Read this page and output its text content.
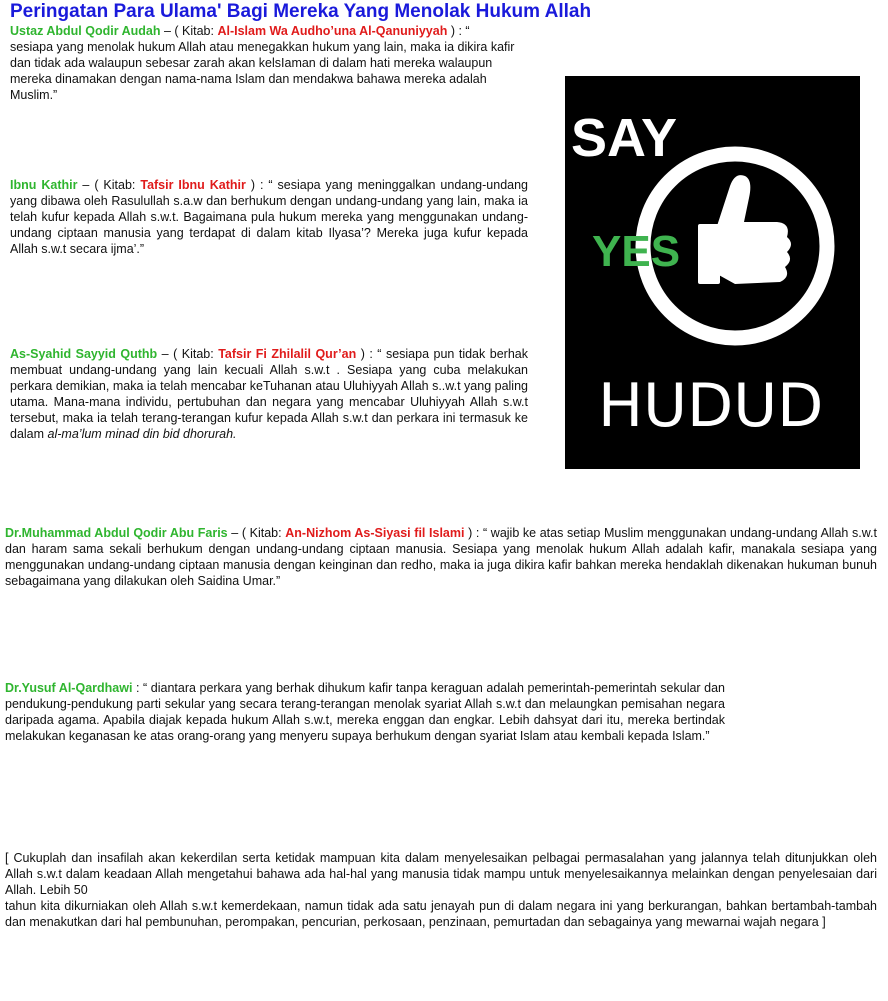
Peringatan Para Ulama' Bagi Mereka Yang Menolak Hukum Allah

Ustaz Abdul Qodir Audah – ( Kitab: Al-Islam Wa Audho’una Al-Qanuniyyah ) : “
sesiapa yang menolak hukum Allah atau menegakkan hukum yang lain, maka ia dikira kafir dan tidak ada walaupun sebesar zarah akan kelsIaman di dalam hati mereka walaupun mereka dinamakan dengan nama-nama Islam dan mendakwa bahawa mereka adalah Muslim.”

Ibnu Kathir – ( Kitab: Tafsir Ibnu Kathir ) : “ sesiapa yang meninggalkan undang-undang yang dibawa oleh Rasulullah s.a.w dan berhukum dengan undang-undang yang lain, maka ia telah kufur kepada Allah s.w.t. Bagaimana pula hukum mereka yang menggunakan undang-undang ciptaan manusia yang terdapat di dalam kitab Ilyasa’? Mereka juga kufur kepada Allah s.w.t secara ijma’.”

As-Syahid Sayyid Quthb – ( Kitab: Tafsir Fi Zhilalil Qur’an ) : “ sesiapa pun tidak berhak membuat undang-undang yang lain kecuali Allah s.w.t . Sesiapa yang cuba melakukan perkara demikian, maka ia telah mencabar keTuhanan atau Uluhiyyah Allah s..w.t yang paling utama. Mana-mana individu, pertubuhan dan negara yang mencabar Uluhiyyah Allah s.w.t tersebut, maka ia telah terang-terangan kufur kepada Allah s.w.t dan perkara ini termasuk ke dalam al-ma’lum minad din bid dhorurah.

Dr.Muhammad Abdul Qodir Abu Faris – ( Kitab: An-Nizhom As-Siyasi fil Islami ) : “ wajib ke atas setiap Muslim menggunakan undang-undang Allah s.w.t dan haram sama sekali berhukum dengan undang-undang ciptaan manusia. Sesiapa yang menolak hukum Allah adalah kafir, manakala sesiapa yang menggunakan undang-undang ciptaan manusia dengan keinginan dan redho, maka ia juga dikira kafir bahkan mereka hendaklah dikenakan hukuman bunuh sebagaimana yang dilakukan oleh Saidina Umar.”

Dr.Yusuf Al-Qardhawi : “ diantara perkara yang berhak dihukum kafir tanpa keraguan adalah pemerintah-pemerintah sekular dan pendukung-pendukung parti sekular yang secara terang-terangan menolak syariat Allah s.w.t dan melaungkan pemisahan negara daripada agama. Apabila diajak kepada hukum Allah s.w.t, mereka enggan dan engkar. Lebih dahsyat dari itu, mereka bertindak melakukan keganasan ke atas orang-orang yang menyeru supaya berhukum dengan syariat Islam atau kembali kepada Islam.”

[ Cukuplah dan insafilah akan kekerdilan serta ketidak mampuan kita dalam menyelesaikan pelbagai permasalahan yang jalannya telah ditunjukkan oleh Allah s.w.t dalam keadaan Allah mengetahui bahawa ada hal-hal yang manusia tidak mampu untuk menyelesaikannya melainkan dengan penyelesaian dari Allah. Lebih 50
tahun kita dikurniakan oleh Allah s.w.t kemerdekaan, namun tidak ada satu jenayah pun di dalam negara ini yang berkurangan, bahkan bertambah-tambah dan menakutkan dari hal pembunuhan, perompakan, pencurian, perkosaan, penzinaan, pemurtadan dan sebagainya yang mewarnai wajah negara ]

SAY
YES
HUDUD
